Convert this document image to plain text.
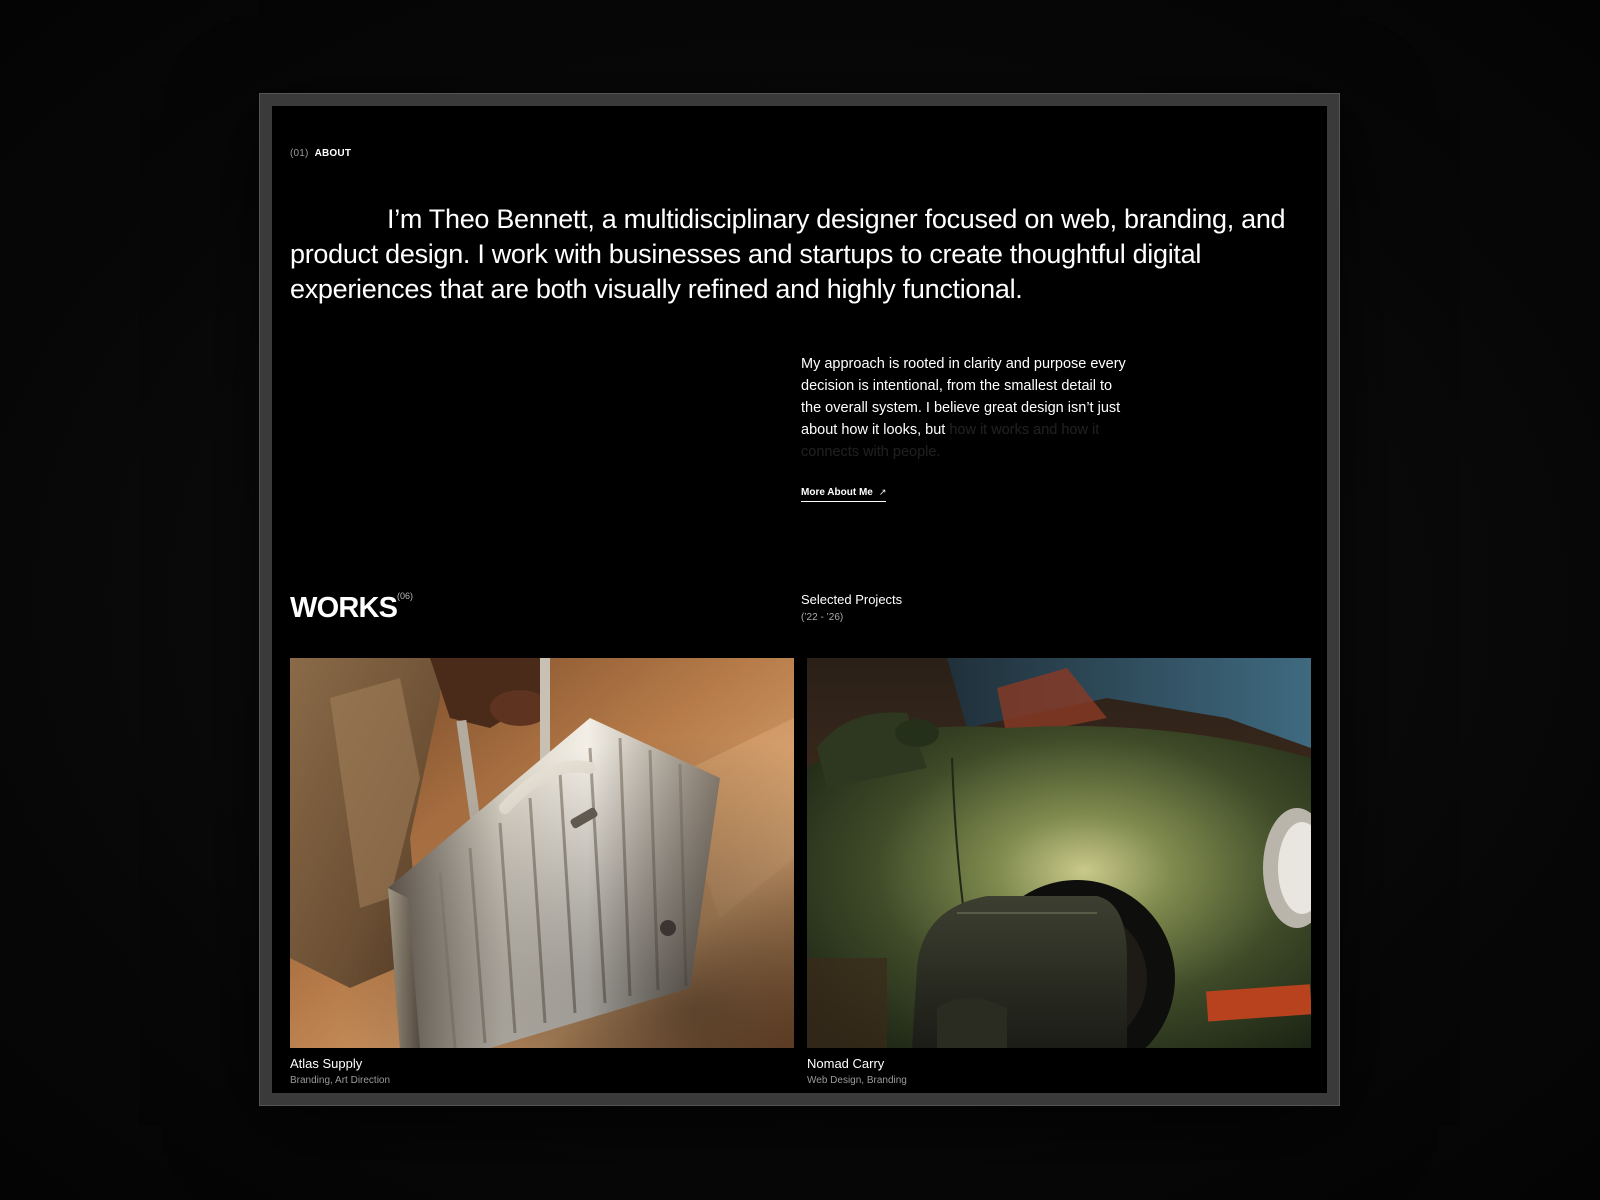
(01) ABOUT

I’m Theo Bennett, a multidisciplinary designer focused on web, branding, and product design. I work with businesses and startups to create thoughtful digital experiences that are both visually refined and highly functional.

My approach is rooted in clarity and purpose every decision is intentional, from the smallest detail to the overall system. I believe great design isn’t just about how it looks, but how it works and how it connects with people.

More About Me ↗
WORKS (06)	Selected Projects
(’22 - ’26)
Atlas Supply
Branding, Art Direction
Nomad Carry
Web Design, Branding
